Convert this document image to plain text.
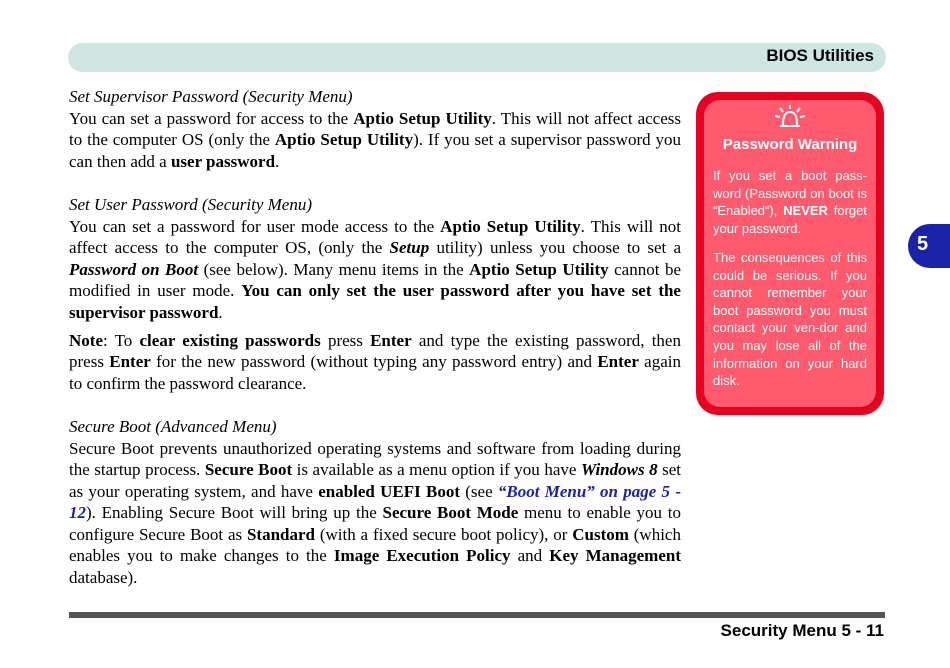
BIOS Utilities
5

Set Supervisor Password (Security Menu)

You can set a password for access to the Aptio Setup Utility. This will not affect access to the computer OS (only the Aptio Setup Utility). If you set a supervisor password you can then add a user password.

Set User Password (Security Menu)

You can set a password for user mode access to the Aptio Setup Utility. This will not affect access to the computer OS, (only the Setup utility) unless you choose to set a Password on Boot (see below). Many menu items in the Aptio Setup Utility cannot be modified in user mode. You can only set the user password after you have set the supervisor password.

Note: To clear existing passwords press Enter and type the existing password, then press Enter for the new password (without typing any password entry) and Enter again to confirm the password clearance.

Secure Boot (Advanced Menu)

Secure Boot prevents unauthorized operating systems and software from loading during the startup process. Secure Boot is available as a menu option if you have Windows 8 set as your operating system, and have enabled UEFI Boot (see “Boot Menu” on page 5 - 12). Enabling Secure Boot will bring up the Secure Boot Mode menu to enable you to configure Secure Boot as Standard (with a fixed secure boot policy), or Custom (which enables you to make changes to the Image Execution Policy and Key Management database).

Password Warning

If you set a boot pass-word (Password on boot is “Enabled“), NEVER forget your password.

The consequences of this could be serious. If you cannot remember your boot password you must contact your ven-dor and you may lose all of the information on your hard disk.

Security Menu 5 - 11
